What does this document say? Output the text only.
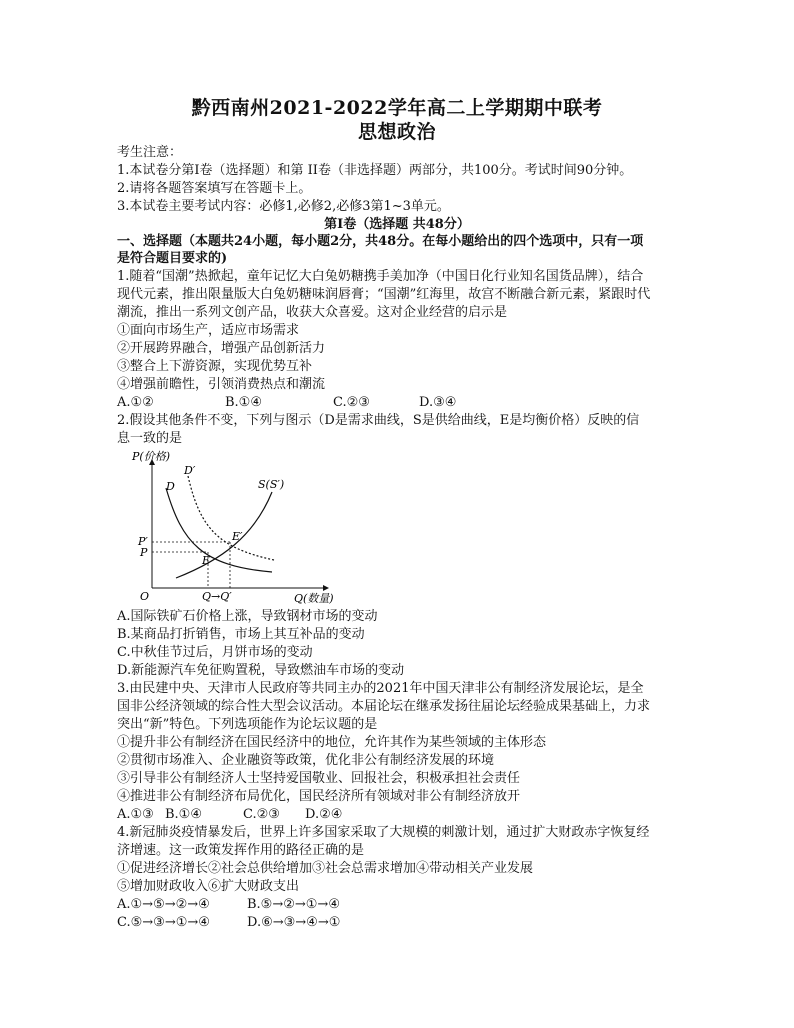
黔西南州2021-2022学年高二上学期期中联考
思想政治
考生注意：
1.本试卷分第I卷（选择题）和第 II卷（非选择题）两部分，共100分。考试时间90分钟。
2.请将各题答案填写在答题卡上。
3.本试卷主要考试内容：必修1,必修2,必修3第1~3单元。
第Ⅰ卷（选择题 共48分）
一、选择题（本题共24小题，每小题2分，共48分。在每小题给出的四个选项中，只有一项
是符合题目要求的)
1.随着“国潮”热掀起，童年记忆大白兔奶糖携手美加净（中国日化行业知名国货品牌），结合
现代元素，推出限量版大白兔奶糖味润唇膏；“国潮”红海里，故宫不断融合新元素，紧跟时代
潮流，推出一系列文创产品，收获大众喜爱。这对企业经营的启示是
①面向市场生产，适应市场需求
②开展跨界融合，增强产品创新活力
③整合上下游资源，实现优势互补
④增强前瞻性，引领消费热点和潮流
A.①②	B.①④	C.②③	D.③④
2.假设其他条件不变，下列与图示（D是需求曲线，S是供给曲线，E是均衡价格）反映的信
息一致的是
P(价格)
Q(数量)
O
D
D′
S(S′)
E
E′
P
P′
Q→Q′
A.国际铁矿石价格上涨，导致钢材市场的变动
B.某商品打折销售，市场上其互补品的变动
C.中秋佳节过后，月饼市场的变动
D.新能源汽车免征购置税，导致燃油车市场的变动
3.由民建中央、天津市人民政府等共同主办的2021年中国天津非公有制经济发展论坛，是全
国非公经济领域的综合性大型会议活动。本届论坛在继承发扬往届论坛经验成果基础上，力求
突出“新”特色。下列选项能作为论坛议题的是
①提升非公有制经济在国民经济中的地位，允许其作为某些领域的主体形态
②贯彻市场准入、企业融资等政策，优化非公有制经济发展的环境
③引导非公有制经济人士坚持爱国敬业、回报社会，积极承担社会责任
④推进非公有制经济布局优化，国民经济所有领域对非公有制经济放开
A.①③ B.①④	C.②③ D.②④
4.新冠肺炎疫情暴发后，世界上许多国家采取了大规模的刺激计划，通过扩大财政赤字恢复经
济增速。这一政策发挥作用的路径正确的是
①促进经济增长②社会总供给增加③社会总需求增加④带动相关产业发展
⑤增加财政收入⑥扩大财政支出
A.①→⑤→②→④	B.⑤→②→①→④
C.⑤→③→①→④	D.⑥→③→④→①
